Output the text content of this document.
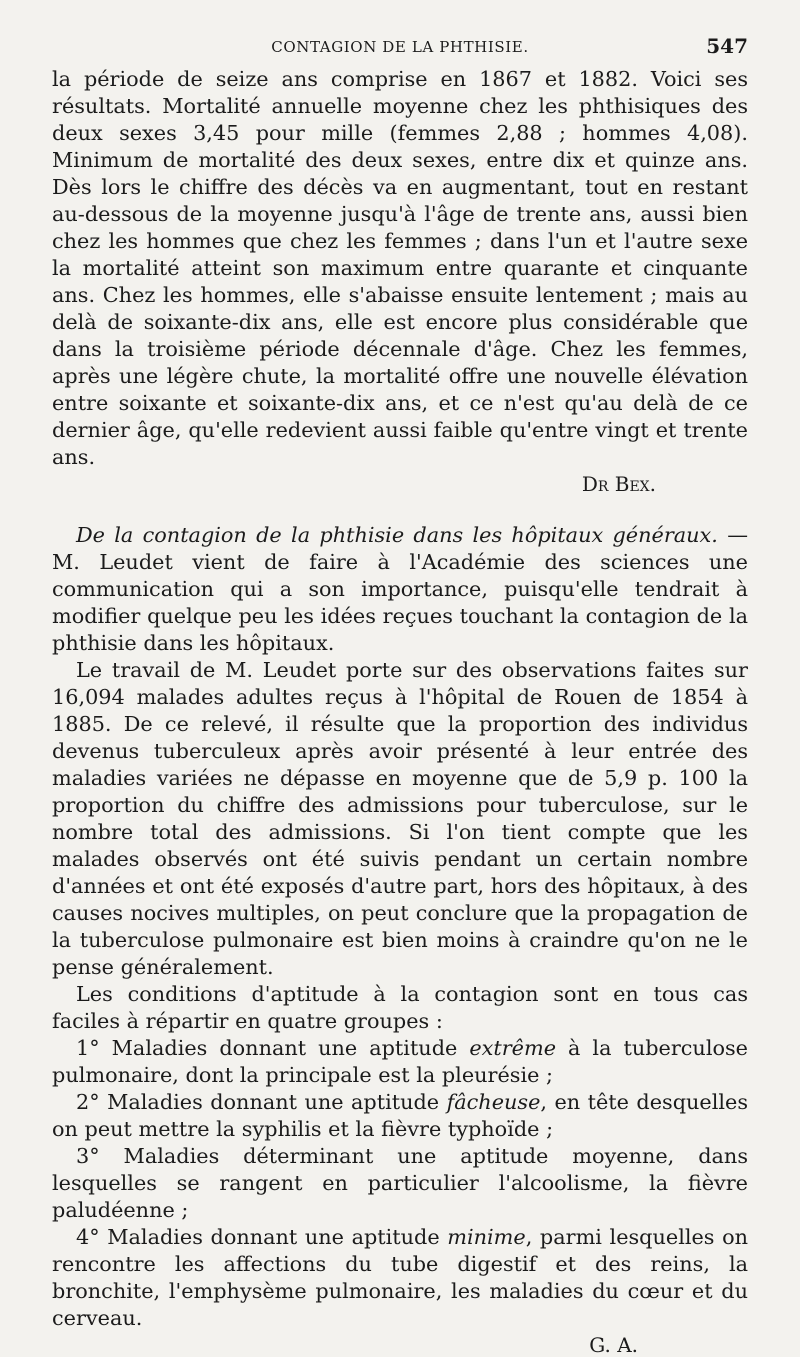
CONTAGION DE LA PHTHISIE.	547

la période de seize ans comprise en 1867 et 1882. Voici ses résultats. Mortalité annuelle moyenne chez les phthisiques des deux sexes 3,45 pour mille (femmes 2,88 ; hommes 4,08). Minimum de mortalité des deux sexes, entre dix et quinze ans. Dès lors le chiffre des décès va en augmentant, tout en restant au-dessous de la moyenne jusqu'à l'âge de trente ans, aussi bien chez les hommes que chez les femmes ; dans l'un et l'autre sexe la mortalité atteint son maximum entre quarante et cinquante ans. Chez les hommes, elle s'abaisse ensuite lentement ; mais au delà de soixante-dix ans, elle est encore plus considérable que dans la troisième période décennale d'âge. Chez les femmes, après une légère chute, la mortalité offre une nouvelle élévation entre soixante et soixante-dix ans, et ce n'est qu'au delà de ce dernier âge, qu'elle redevient aussi faible qu'entre vingt et trente ans.

Dr Bex.

De la contagion de la phthisie dans les hôpitaux généraux. — M. Leudet vient de faire à l'Académie des sciences une communication qui a son importance, puisqu'elle tendrait à modifier quelque peu les idées reçues touchant la contagion de la phthisie dans les hôpitaux.

Le travail de M. Leudet porte sur des observations faites sur 16,094 malades adultes reçus à l'hôpital de Rouen de 1854 à 1885. De ce relevé, il résulte que la proportion des individus devenus tuberculeux après avoir présenté à leur entrée des maladies variées ne dépasse en moyenne que de 5,9 p. 100 la proportion du chiffre des admissions pour tuberculose, sur le nombre total des admissions. Si l'on tient compte que les malades observés ont été suivis pendant un certain nombre d'années et ont été exposés d'autre part, hors des hôpitaux, à des causes nocives multiples, on peut conclure que la propagation de la tuberculose pulmonaire est bien moins à craindre qu'on ne le pense généralement.

Les conditions d'aptitude à la contagion sont en tous cas faciles à répartir en quatre groupes :

1° Maladies donnant une aptitude extrême à la tuberculose pulmonaire, dont la principale est la pleurésie ;

2° Maladies donnant une aptitude fâcheuse, en tête desquelles on peut mettre la syphilis et la fièvre typhoïde ;

3° Maladies déterminant une aptitude moyenne, dans lesquelles se rangent en particulier l'alcoolisme, la fièvre paludéenne ;

4° Maladies donnant une aptitude minime, parmi lesquelles on rencontre les affections du tube digestif et des reins, la bronchite, l'emphysème pulmonaire, les maladies du cœur et du cerveau.

G. A.
